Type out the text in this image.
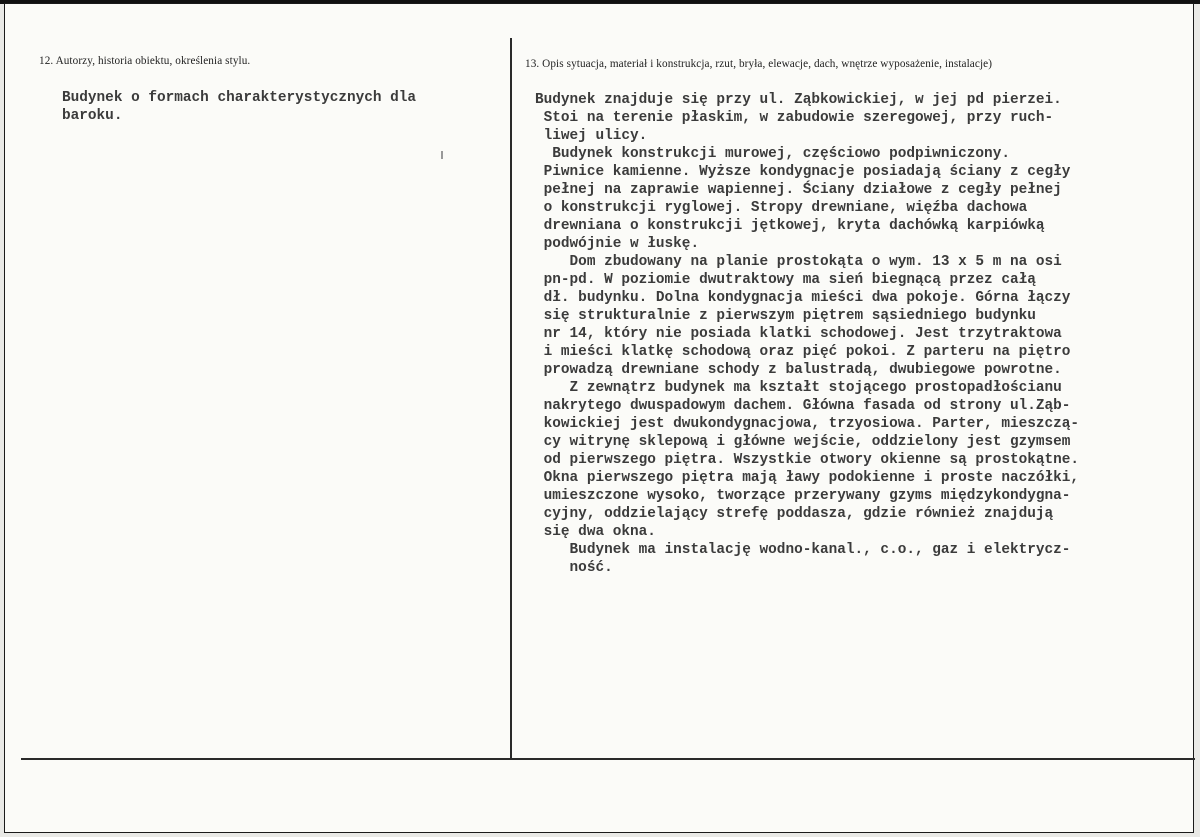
12. Autorzy, historia obiektu, określenia stylu.
Budynek o formach charakterystycznych dla
baroku.
13. Opis sytuacja, materiał i konstrukcja, rzut, bryła, elewacje, dach, wnętrze wyposażenie, instalacje)
Budynek znajduje się przy ul. Ząbkowickiej, w jej pd pierzei.
Stoi na terenie płaskim, w zabudowie szeregowej, przy ruch-
liwej ulicy.
Budynek konstrukcji murowej, częściowo podpiwniczony.
Piwnice kamienne. Wyższe kondygnacje posiadają ściany z cegły
pełnej na zaprawie wapiennej. Ściany działowe z cegły pełnej
o konstrukcji ryglowej. Stropy drewniane, więźba dachowa
drewniana o konstrukcji jętkowej, kryta dachówką karpiówką
podwójnie w łuskę.
Dom zbudowany na planie prostokąta o wym. 13 x 5 m na osi
pn-pd. W poziomie dwutraktowy ma sień biegnącą przez całą
dł. budynku. Dolna kondygnacja mieści dwa pokoje. Górna łączy
się strukturalnie z pierwszym piętrem sąsiedniego budynku
nr 14, który nie posiada klatki schodowej. Jest trzytraktowa
i mieści klatkę schodową oraz pięć pokoi. Z parteru na piętro
prowadzą drewniane schody z balustradą, dwubiegowe powrotne.
Z zewnątrz budynek ma kształt stojącego prostopadłościanu
nakrytego dwuspadowym dachem. Główna fasada od strony ul.Ząb-
kowickiej jest dwukondygnacjowa, trzyosiowa. Parter, mieszczą-
cy witrynę sklepową i główne wejście, oddzielony jest gzymsem
od pierwszego piętra. Wszystkie otwory okienne są prostokątne.
Okna pierwszego piętra mają ławy podokienne i proste naczółki,
umieszczone wysoko, tworzące przerywany gzyms międzykondygna-
cyjny, oddzielający strefę poddasza, gdzie również znajdują
się dwa okna.
Budynek ma instalację wodno-kanal., c.o., gaz i elektrycz-
ność.
